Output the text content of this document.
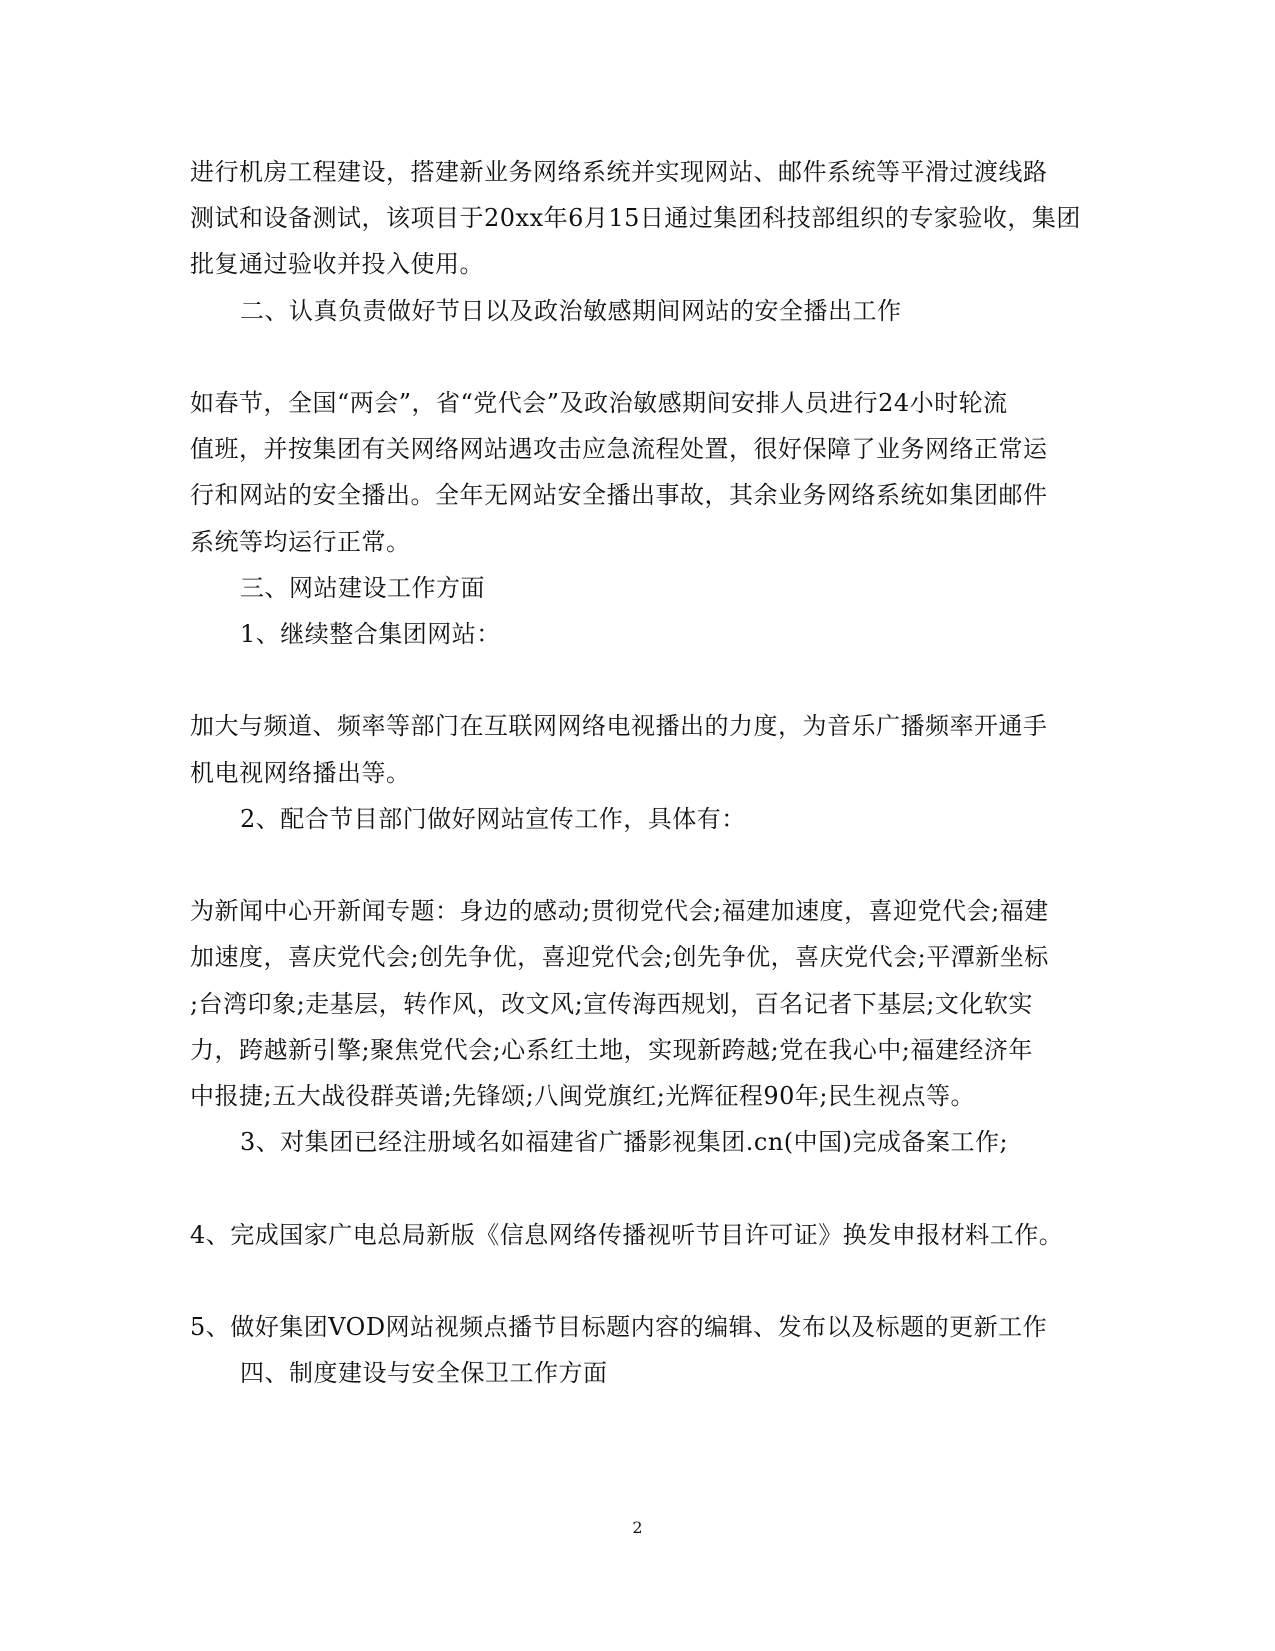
进行机房工程建设，搭建新业务网络系统并实现网站、邮件系统等平滑过渡线路
测试和设备测试，该项目于20xx年6月15日通过集团科技部组织的专家验收，集团
批复通过验收并投入使用。
二、认真负责做好节日以及政治敏感期间网站的安全播出工作
如春节，全国“两会”，省“党代会”及政治敏感期间安排人员进行24小时轮流
值班，并按集团有关网络网站遇攻击应急流程处置，很好保障了业务网络正常运
行和网站的安全播出。全年无网站安全播出事故，其余业务网络系统如集团邮件
系统等均运行正常。
三、网站建设工作方面
1、继续整合集团网站：
加大与频道、频率等部门在互联网网络电视播出的力度，为音乐广播频率开通手
机电视网络播出等。
2、配合节目部门做好网站宣传工作，具体有：
为新闻中心开新闻专题：身边的感动;贯彻党代会;福建加速度，喜迎党代会;福建
加速度，喜庆党代会;创先争优，喜迎党代会;创先争优，喜庆党代会;平潭新坐标
;台湾印象;走基层，转作风，改文风;宣传海西规划，百名记者下基层;文化软实
力，跨越新引擎;聚焦党代会;心系红土地，实现新跨越;党在我心中;福建经济年
中报捷;五大战役群英谱;先锋颂;八闽党旗红;光辉征程90年;民生视点等。
3、对集团已经注册域名如福建省广播影视集团.cn(中国)完成备案工作;
4、完成国家广电总局新版《信息网络传播视听节目许可证》换发申报材料工作。
5、做好集团VOD网站视频点播节目标题内容的编辑、发布以及标题的更新工作
四、制度建设与安全保卫工作方面
2
